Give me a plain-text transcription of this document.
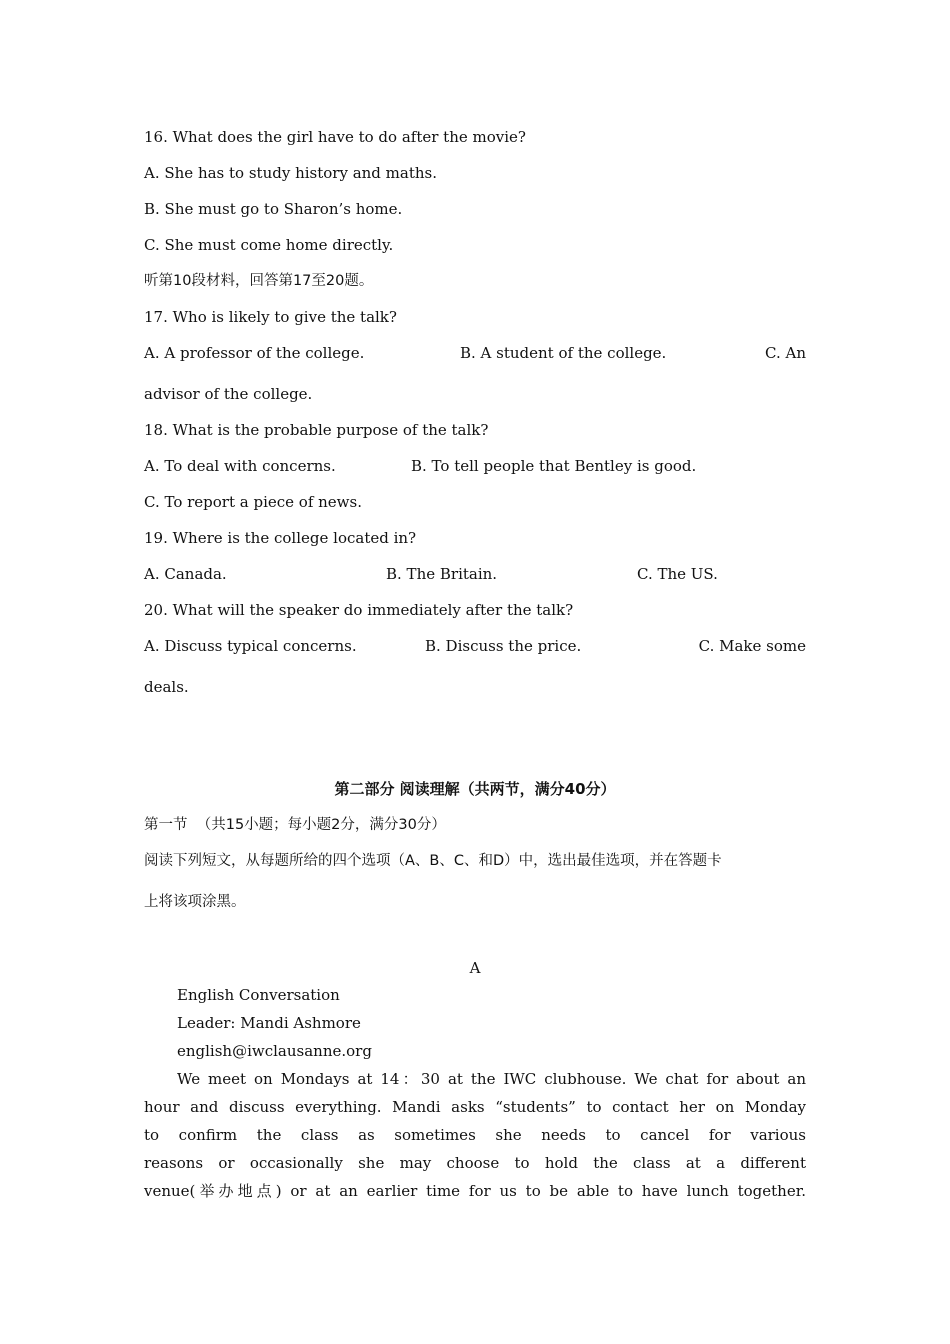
16. What does the girl have to do after the movie?
A. She has to study history and maths.
B. She must go to Sharon’s home.
C. She must come home directly.
听第10段材料，回答第17至20题。
17. Who is likely to give the talk?

A. A professor of the college.

	B. A student of the college.

	C. An

advisor of the college.
18. What is the probable purpose of the talk?

A. To deal with concerns.

	B. To tell people that Bentley is good.

C. To report a piece of news.
19. Where is the college located in?

A. Canada.

	B. The Britain.

	C. The US.

20. What will the speaker do immediately after the talk?

A. Discuss typical concerns.

	B. Discuss the price.

	C. Make some

deals.
第二部分 阅读理解（共两节，满分40分）
第一节  （共15小题；每小题2分，满分30分）
阅读下列短文，从每题所给的四个选项（A、B、C、和D）中，选出最佳选项，并在答题卡
上将该项涂黑。
A
English Conversation
Leader: Mandi Ashmore
english@iwclausanne.org
We meet on Mondays at 14：30 at the IWC clubhouse. We chat for about an
hour and discuss everything. Mandi asks “students” to contact her on Monday
to confirm the class as sometimes she needs to cancel for various
reasons or occasionally she may choose to hold the class at a different
venue(举办地点) or at an earlier time for us to be able to have lunch together.
